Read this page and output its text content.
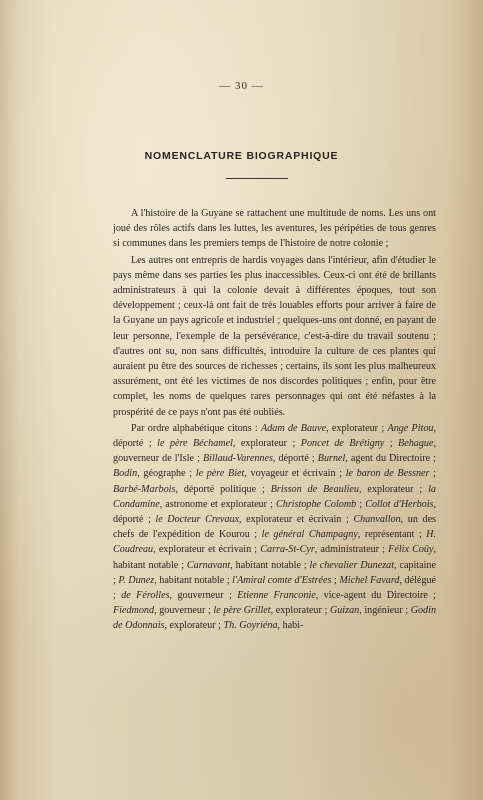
— 30 —
NOMENCLATURE BIOGRAPHIQUE

A l'histoire de la Guyane se rattachent une multitude de noms. Les uns ont joué des rôles actifs dans les luttes, les aventures, les péripéties de tous genres si communes dans les premiers temps de l'histoire de notre colonie ;

Les autres ont entrepris de hardis voyages dans l'intérieur, afin d'étudier le pays même dans ses parties les plus inaccessibles. Ceux-ci ont été de brillants administrateurs à qui la colonie devait à différentes époques, tout son développement ; ceux-là ont fait de très louables efforts pour arriver à faire de la Guyane un pays agricole et industriel ; quelques-uns ont donné, en payant de leur personne, l'exemple de la persévérance, c'est-à-dire du travail soutenu ; d'autres ont su, non sans difficultés, introduire la culture de ces plantes qui auraient pu être des sources de richesses ; certains, ils sont les plus malheureux assurément, ont été les victimes de nos discordes politiques ; enfin, pour être complet, les noms de quelques rares personnages qui ont été néfastes à la prospérité de ce pays n'ont pas été oubliés.

Par ordre alphabétique citons : Adam de Bauve, explorateur ; Ange Pitou, déporté ; le père Béchamel, explorateur ; Poncet de Brétigny ; Behague, gouverneur de l'Isle ; Billaud-Varennes, déporté ; Burnel, agent du Directoire ; Bodin, géographe ; le père Biet, voyageur et écrivain ; le baron de Bessner ; Barbé-Marbois, déporté politique ; Brisson de Beaulieu, explorateur ; la Condamine, astronome et explorateur ; Christophe Colomb ; Collot d'Herbois, déporté ; le Docteur Crevaux, explorateur et écrivain ; Chanvallon, un des chefs de l'expédition de Kourou ; le général Champagny, représentant ; H. Coudreau, explorateur et écrivain ; Carra-St-Cyr, administrateur ; Félix Coüy, habitant notable ; Carnavant, habitant notable ; le chevalier Dunezat, capitaine ; P. Dunez, habitant notable ; l'Amiral comte d'Estrées ; Michel Favard, délégué ; de Férolles, gouverneur ; Etienne Franconie, vice-agent du Directoire ; Fiedmond, gouverneur ; le père Grillet, explorateur ; Guizan, ingénieur ; Godin de Odonnais, explorateur ; Th. Goyriéna, habi-
